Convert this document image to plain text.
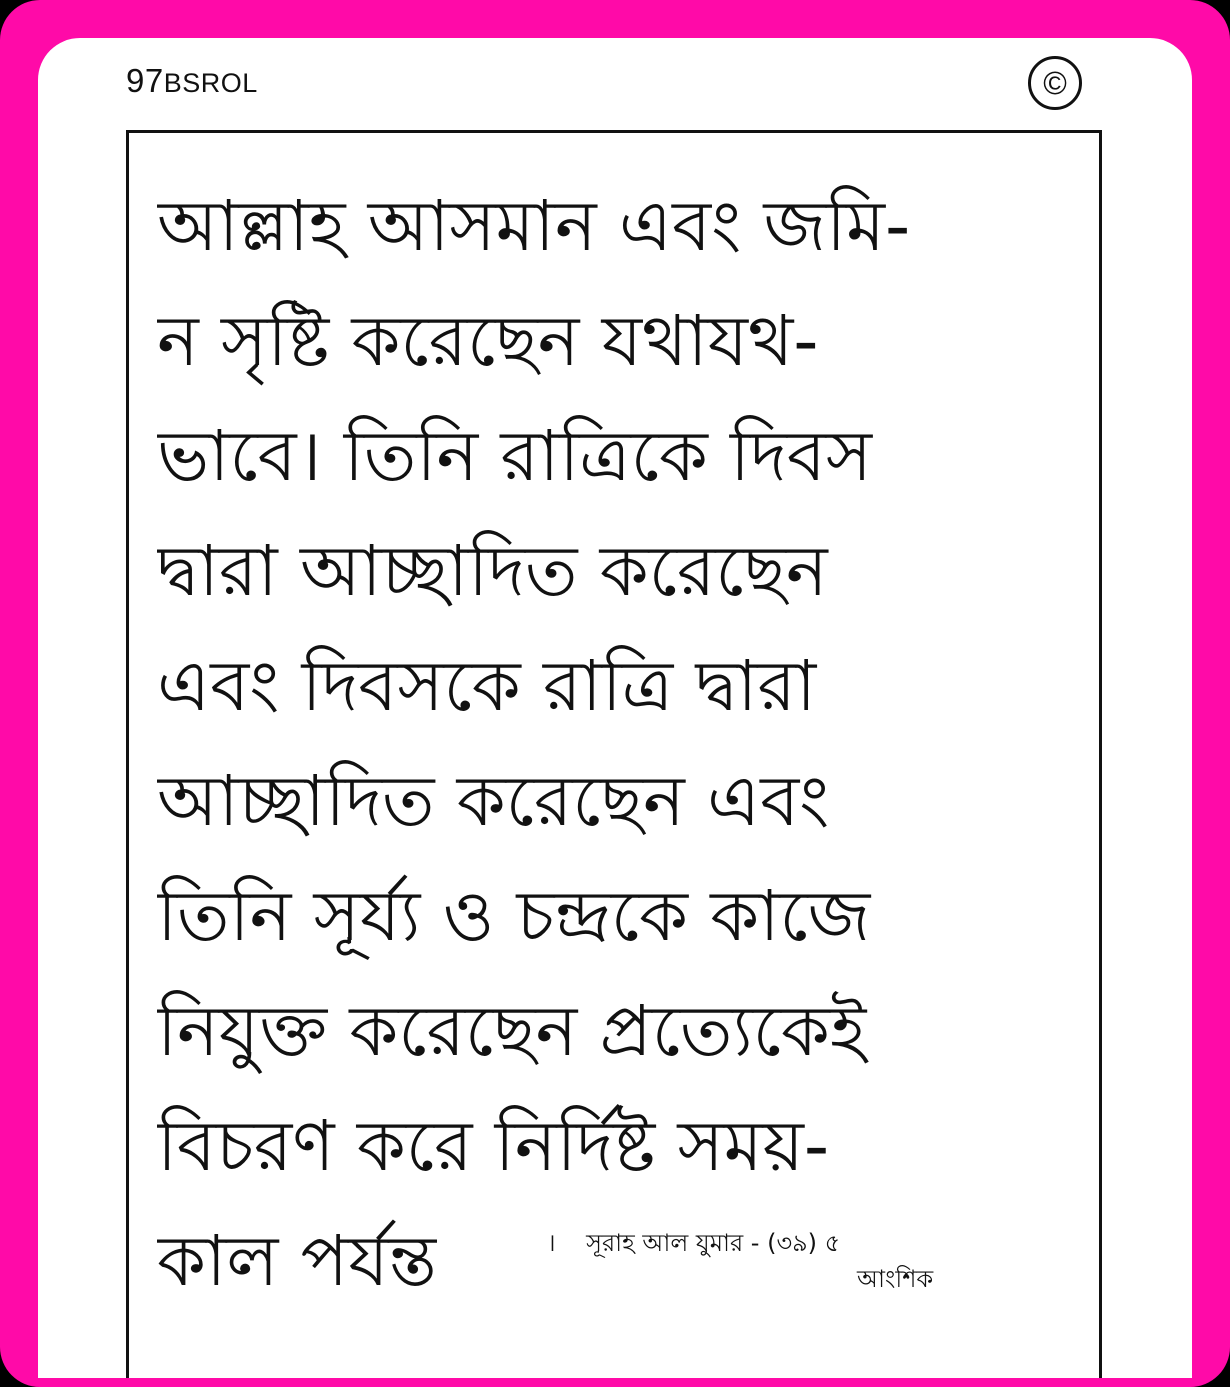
97BSROL	©
আল্লাহ আসমান এবং জমি-
ন সৃষ্টি করেছেন যথাযথ-
ভাবে। তিনি রাত্রিকে দিবস
দ্বারা আচ্ছাদিত করেছেন
এবং দিবসকে রাত্রি দ্বারা
আচ্ছাদিত করেছেন এবং
তিনি সূর্য্য ও চন্দ্রকে কাজে
নিযুক্ত করেছেন প্রত্যেকেই
বিচরণ করে নির্দিষ্ট সময়-
কাল পর্যন্ত	। সূরাহ আল যুমার - (৩৯) ৫
আংশিক
